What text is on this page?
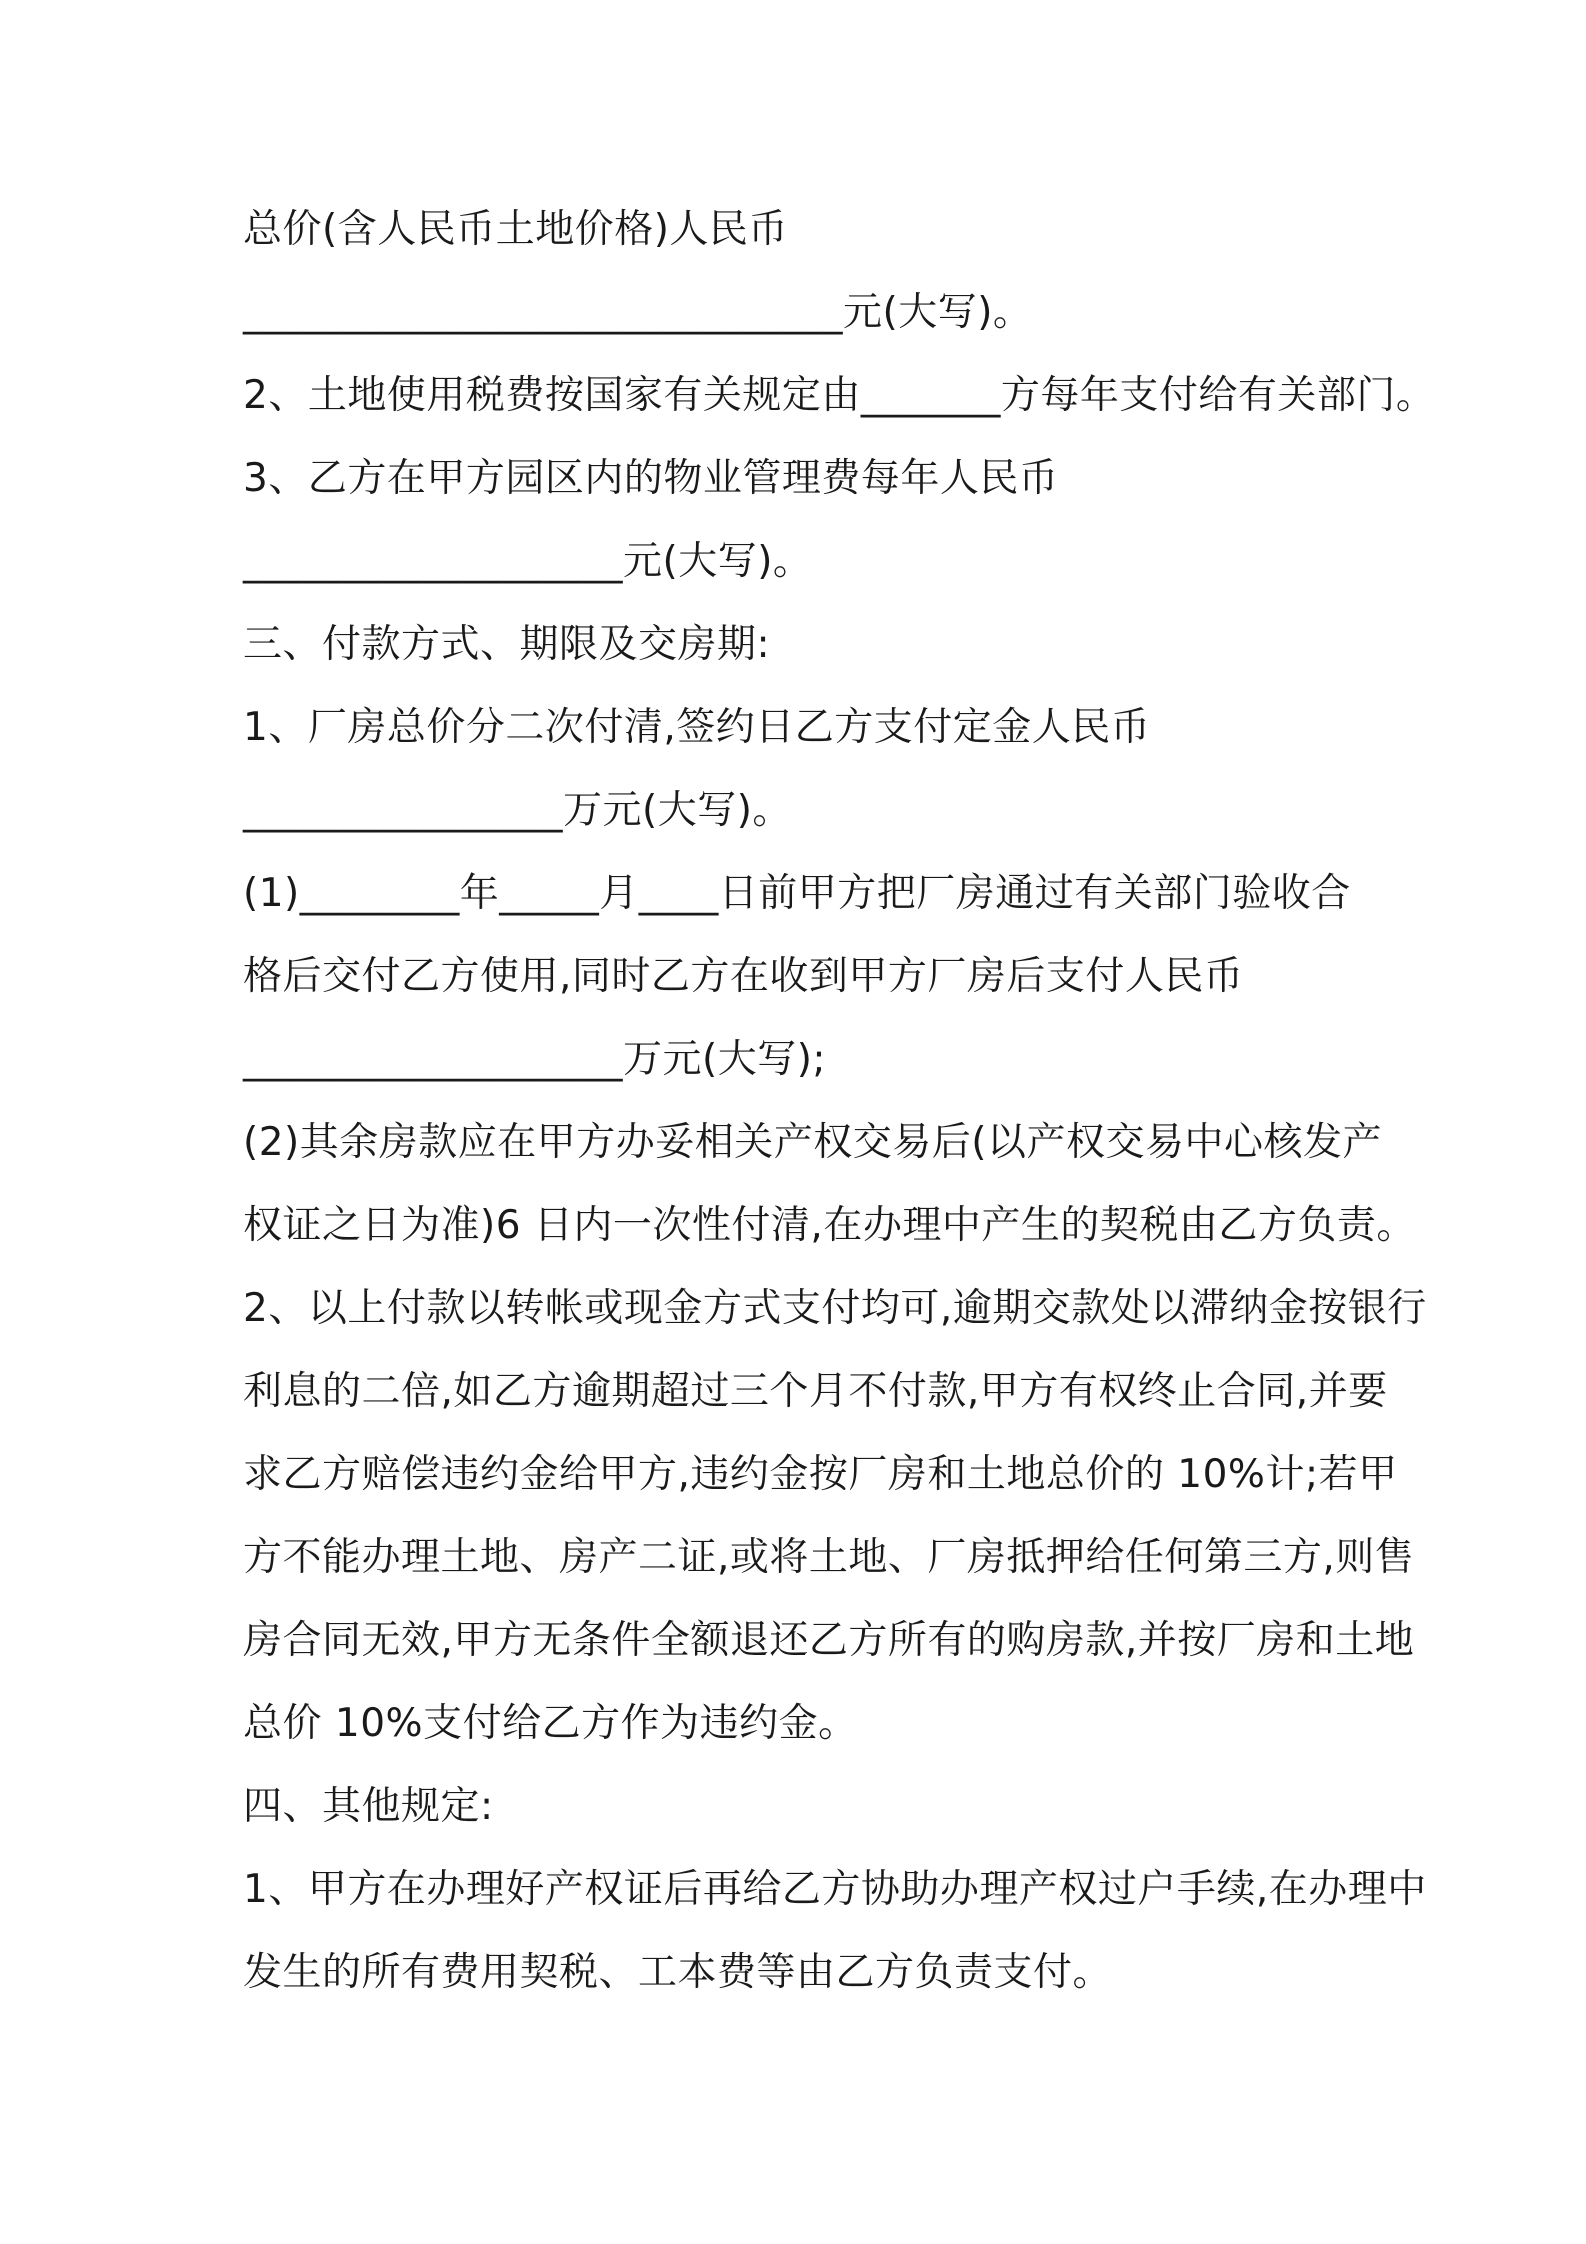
总价(含人民币土地价格)人民币
______________________________元(大写)。
2、土地使用税费按国家有关规定由_______方每年支付给有关部门。
3、乙方在甲方园区内的物业管理费每年人民币
___________________元(大写)。
三、付款方式、期限及交房期:
1、厂房总价分二次付清,签约日乙方支付定金人民币
________________万元(大写)。
(1)________年_____月____日前甲方把厂房通过有关部门验收合
格后交付乙方使用,同时乙方在收到甲方厂房后支付人民币
___________________万元(大写);
(2)其余房款应在甲方办妥相关产权交易后(以产权交易中心核发产
权证之日为准)6 日内一次性付清,在办理中产生的契税由乙方负责。
2、以上付款以转帐或现金方式支付均可,逾期交款处以滞纳金按银行
利息的二倍,如乙方逾期超过三个月不付款,甲方有权终止合同,并要
求乙方赔偿违约金给甲方,违约金按厂房和土地总价的 10%计;若甲
方不能办理土地、房产二证,或将土地、厂房抵押给任何第三方,则售
房合同无效,甲方无条件全额退还乙方所有的购房款,并按厂房和土地
总价 10%支付给乙方作为违约金。
四、其他规定:
1、甲方在办理好产权证后再给乙方协助办理产权过户手续,在办理中
发生的所有费用契税、工本费等由乙方负责支付。
